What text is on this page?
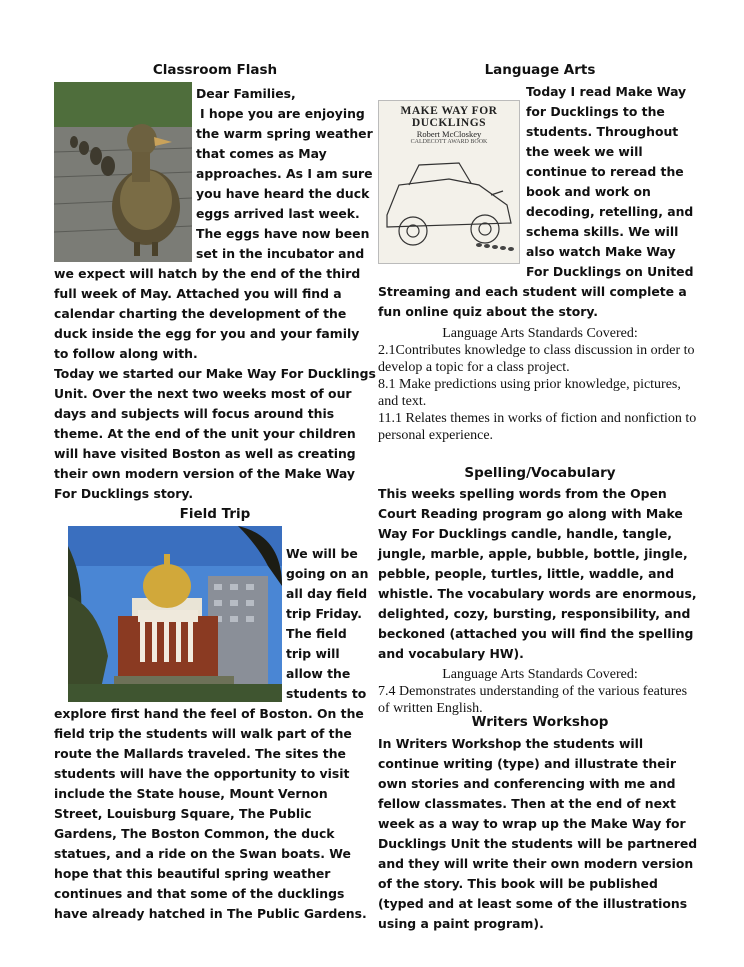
Classroom Flash

Dear Families,

I hope you are enjoying the warm spring weather that comes as May approaches. As I am sure you have heard the duck eggs arrived last week. The eggs have now been set in the incubator and we expect will hatch by the end of the third full week of May. Attached you will find a calendar charting the development of the duck inside the egg for you and your family to follow along with.

Today we started our Make Way For Ducklings Unit. Over the next two weeks most of our days and subjects will focus around this theme. At the end of the unit your children will have visited Boston as well as creating their own modern version of the Make Way For Ducklings story.

Field Trip

We will be going on an all day field trip Friday. The field trip will allow the students to explore first hand the feel of Boston. On the field trip the students will walk part of the route the Mallards traveled. The sites the students will have the opportunity to visit include the State house, Mount Vernon Street, Louisburg Square, The Public Gardens, The Boston Common, the duck statues, and a ride on the Swan boats. We hope that this beautiful spring weather continues and that some of the ducklings have already hatched in The Public Gardens.

Language Arts
MAKE WAY FOR
DUCKLINGS
Robert McCloskey
CALDECOTT AWARD BOOK

Today I read Make Way for Ducklings to the students. Throughout the week we will continue to reread the book and work on decoding, retelling, and schema skills. We will also watch Make Way For Ducklings on United Streaming and each student will complete a fun online quiz about the story.

Language Arts Standards Covered:

2.1Contributes knowledge to class discussion in order to develop a topic for a class project.

8.1 Make predictions using prior knowledge, pictures, and text.

11.1 Relates themes in works of fiction and nonfiction to personal experience.

Spelling/Vocabulary

This weeks spelling words from the Open Court Reading program go along with Make Way For Ducklings candle, handle, tangle, jungle, marble, apple, bubble, bottle, jingle, pebble, people, turtles, little, waddle, and whistle. The vocabulary words are enormous, delighted, cozy, bursting, responsibility, and beckoned (attached you will find the spelling and vocabulary HW).

Language Arts Standards Covered:

7.4 Demonstrates understanding of the various features of written English.

Writers Workshop

In Writers Workshop the students will continue writing (type) and illustrate their own stories and conferencing with me and fellow classmates. Then at the end of next week as a way to wrap up the Make Way for Ducklings Unit the students will be partnered and they will write their own modern version of the story. This book will be published (typed and at least some of the illustrations using a paint program).
